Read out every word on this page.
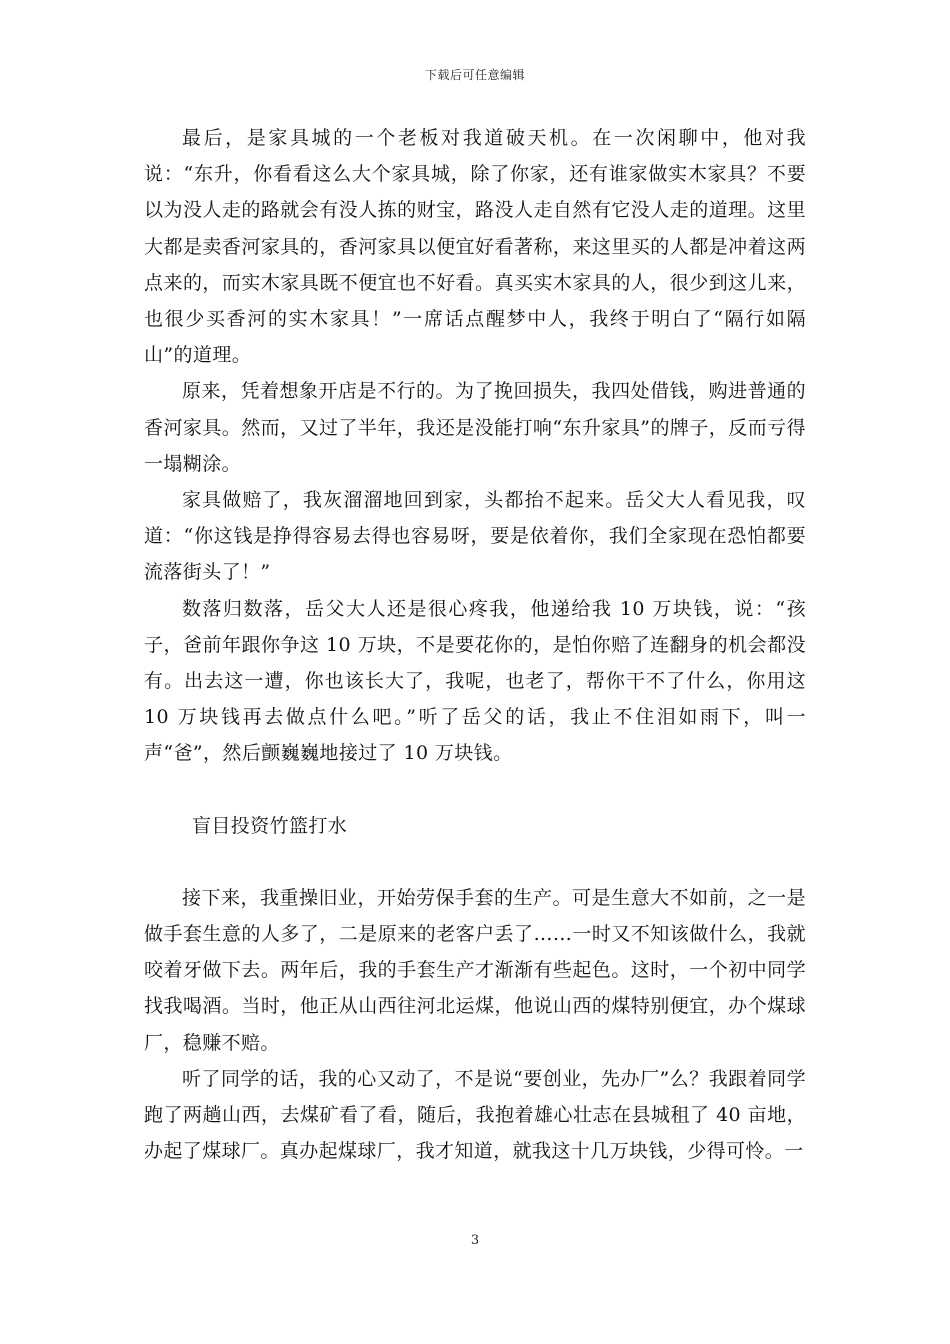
下载后可任意编辑

最后，是家具城的一个老板对我道破天机。在一次闲聊中，他对我说：“东升，你看看这么大个家具城，除了你家，还有谁家做实木家具？不要以为没人走的路就会有没人拣的财宝，路没人走自然有它没人走的道理。这里大都是卖香河家具的，香河家具以便宜好看著称，来这里买的人都是冲着这两点来的，而实木家具既不便宜也不好看。真买实木家具的人，很少到这儿来，也很少买香河的实木家具！”一席话点醒梦中人，我终于明白了“隔行如隔山”的道理。

原来，凭着想象开店是不行的。为了挽回损失，我四处借钱，购进普通的香河家具。然而，又过了半年，我还是没能打响“东升家具”的牌子，反而亏得一塌糊涂。

家具做赔了，我灰溜溜地回到家，头都抬不起来。岳父大人看见我，叹道：“你这钱是挣得容易去得也容易呀，要是依着你，我们全家现在恐怕都要流落街头了！”

数落归数落，岳父大人还是很心疼我，他递给我 10 万块钱，说：“孩子，爸前年跟你争这 10 万块，不是要花你的，是怕你赔了连翻身的机会都没有。出去这一遭，你也该长大了，我呢，也老了，帮你干不了什么，你用这 10 万块钱再去做点什么吧。”听了岳父的话，我止不住泪如雨下，叫一声“爸”，然后颤巍巍地接过了 10 万块钱。

盲目投资竹篮打水

接下来，我重操旧业，开始劳保手套的生产。可是生意大不如前，之一是做手套生意的人多了，二是原来的老客户丢了……一时又不知该做什么，我就咬着牙做下去。两年后，我的手套生产才渐渐有些起色。这时，一个初中同学找我喝酒。当时，他正从山西往河北运煤，他说山西的煤特别便宜，办个煤球厂，稳赚不赔。

听了同学的话，我的心又动了，不是说“要创业，先办厂”么？我跟着同学跑了两趟山西，去煤矿看了看，随后，我抱着雄心壮志在县城租了 40 亩地，办起了煤球厂。真办起煤球厂，我才知道，就我这十几万块钱，少得可怜。一

3
